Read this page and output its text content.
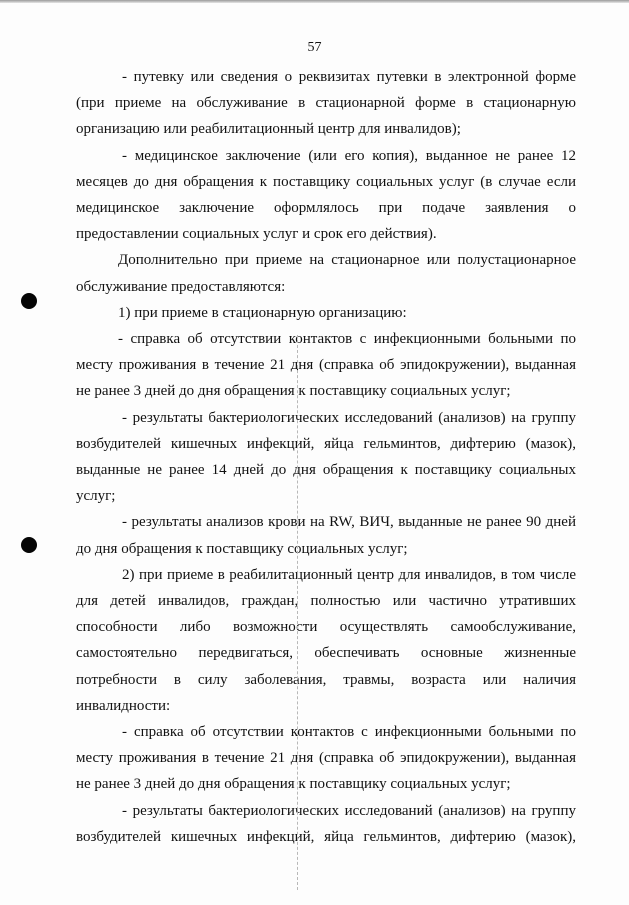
57

- путевку или сведения о реквизитах путевки в электронной форме (при приеме на обслуживание в стационарной форме в стационарную организацию или реабилитационный центр для инвалидов);

- медицинское заключение (или его копия), выданное не ранее 12 месяцев до дня обращения к поставщику социальных услуг (в случае если медицинское заключение оформлялось при подаче заявления о предоставлении социальных услуг и срок его действия).

Дополнительно при приеме на стационарное или полустационарное обслуживание предоставляются:

1) при приеме в стационарную организацию:

- справка об отсутствии контактов с инфекционными больными по месту проживания в течение 21 дня (справка об эпидокружении), выданная не ранее 3 дней до дня обращения к поставщику социальных услуг;

- результаты бактериологических исследований (анализов) на группу возбудителей кишечных инфекций, яйца гельминтов, дифтерию (мазок), выданные не ранее 14 дней до дня обращения к поставщику социальных услуг;

- результаты анализов крови на RW, ВИЧ, выданные не ранее 90 дней до дня обращения к поставщику социальных услуг;

2) при приеме в реабилитационный центр для инвалидов, в том числе для детей инвалидов, граждан, полностью или частично утративших способности либо возможности осуществлять самообслуживание, самостоятельно передвигаться, обеспечивать основные жизненные потребности в силу заболевания, травмы, возраста или наличия инвалидности:

- справка об отсутствии контактов с инфекционными больными по месту проживания в течение 21 дня (справка об эпидокружении), выданная не ранее 3 дней до дня обращения к поставщику социальных услуг;

- результаты бактериологических исследований (анализов) на группу возбудителей кишечных инфекций, яйца гельминтов, дифтерию (мазок),
